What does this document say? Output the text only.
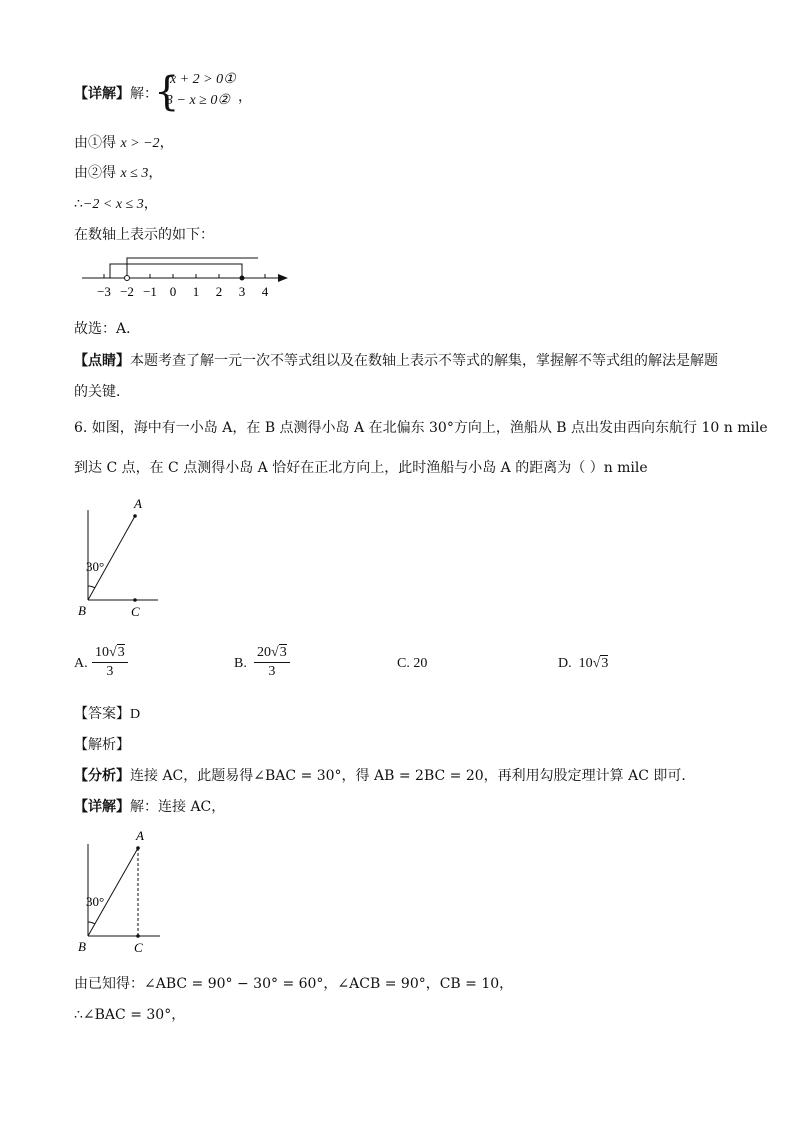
【详解】解：
{
x + 2 > 0①
3 − x ≥ 0② ，
由①得 x > −2，
由②得 x ≤ 3，
∴−2 < x ≤ 3，
在数轴上表示的如下：
−3 −2 −1 0 1 2 3 4
故选：A．
【点睛】本题考查了解一元一次不等式组以及在数轴上表示不等式的解集，掌握解不等式组的解法是解题
的关键．
6. 如图，海中有一小岛 A，在 B 点测得小岛 A 在北偏东 30°方向上，渔船从 B 点出发由西向东航行 10 n mile
到达 C 点，在 C 点测得小岛 A 恰好在正北方向上，此时渔船与小岛 A 的距离为（ ）n mile
A
B	C
30°
A. $\frac{10√3}{3}$	B. $\frac{20√3}{3}$	C. 20	D. 10√3
【答案】D
【解析】
【分析】连接 AC，此题易得∠BAC = 30°，得 AB = 2BC = 20，再利用勾股定理计算 AC 即可．
【详解】解：连接 AC，
A
B	C
30°
由已知得：∠ABC = 90° − 30° = 60°，∠ACB = 90°，CB = 10，
∴∠BAC = 30°，
